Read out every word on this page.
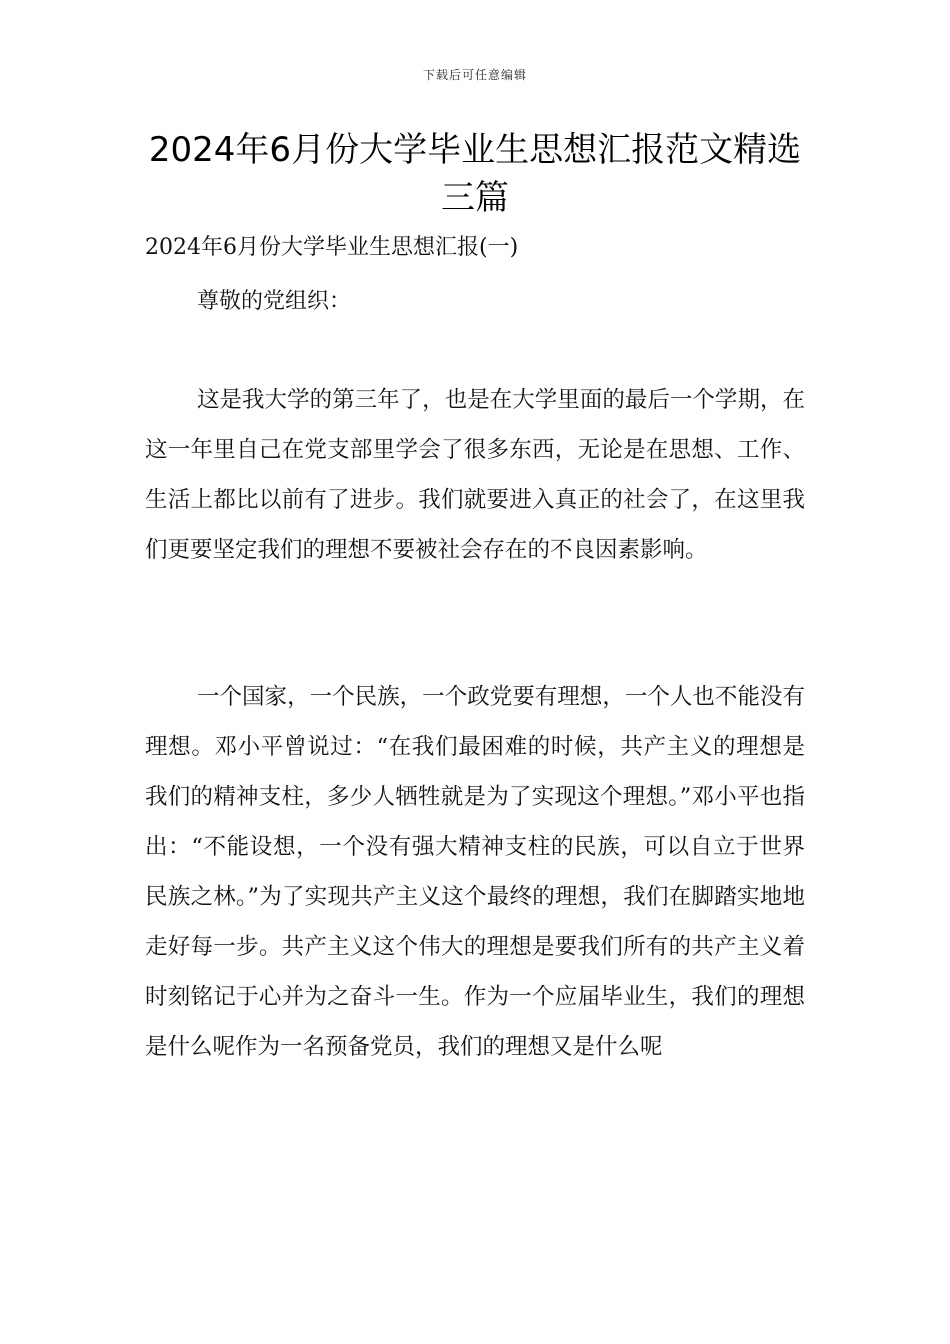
下载后可任意编辑
2024年6月份大学毕业生思想汇报范文精选三篇

2024年6月份大学毕业生思想汇报(一)

尊敬的党组织：

这是我大学的第三年了，也是在大学里面的最后一个学期，在这一年里自己在党支部里学会了很多东西，无论是在思想、工作、生活上都比以前有了进步。我们就要进入真正的社会了，在这里我们更要坚定我们的理想不要被社会存在的不良因素影响。

一个国家，一个民族，一个政党要有理想，一个人也不能没有理想。邓小平曾说过：“在我们最困难的时候，共产主义的理想是我们的精神支柱，多少人牺牲就是为了实现这个理想。”邓小平也指出：“不能设想，一个没有强大精神支柱的民族，可以自立于世界民族之林。”为了实现共产主义这个最终的理想，我们在脚踏实地地走好每一步。共产主义这个伟大的理想是要我们所有的共产主义着时刻铭记于心并为之奋斗一生。作为一个应届毕业生，我们的理想是什么呢作为一名预备党员，我们的理想又是什么呢
